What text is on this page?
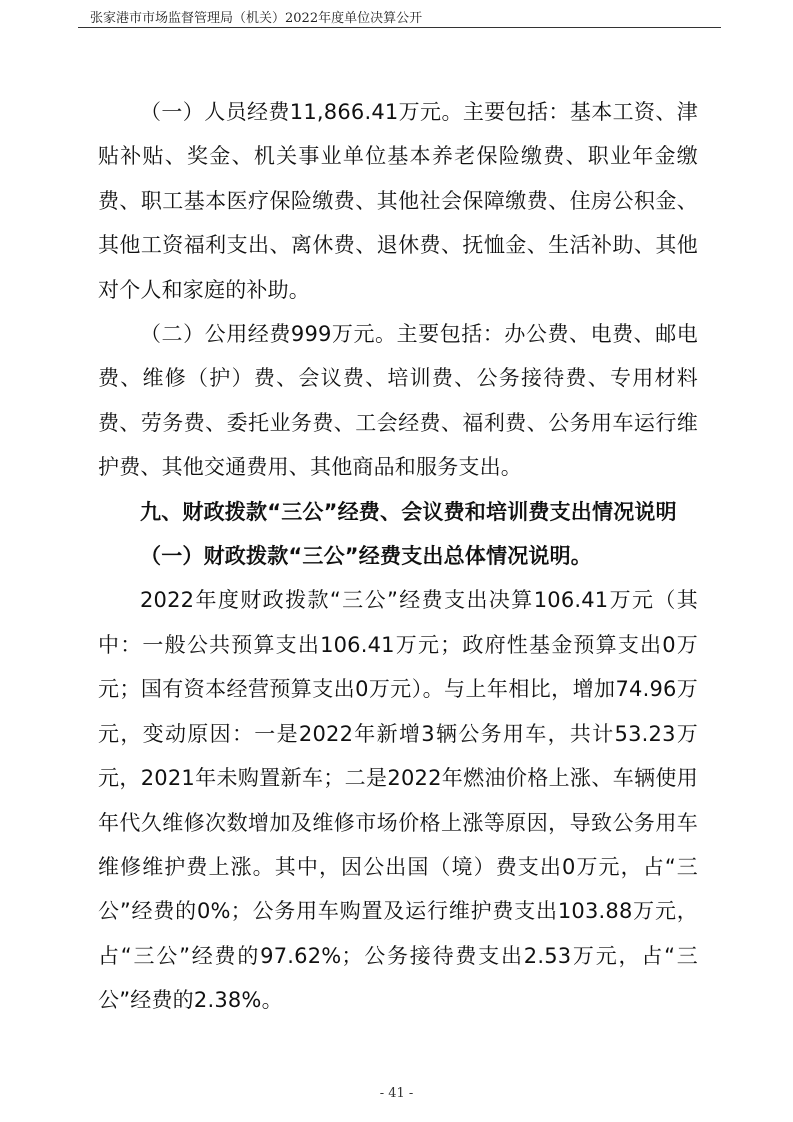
张家港市市场监督管理局（机关）2022年度单位决算公开

（一）人员经费11,866.41万元。主要包括：基本工资、津贴补贴、奖金、机关事业单位基本养老保险缴费、职业年金缴费、职工基本医疗保险缴费、其他社会保障缴费、住房公积金、其他工资福利支出、离休费、退休费、抚恤金、生活补助、其他对个人和家庭的补助。

（二）公用经费999万元。主要包括：办公费、电费、邮电费、维修（护）费、会议费、培训费、公务接待费、专用材料费、劳务费、委托业务费、工会经费、福利费、公务用车运行维护费、其他交通费用、其他商品和服务支出。

九、财政拨款“三公”经费、会议费和培训费支出情况说明

（一）财政拨款“三公”经费支出总体情况说明。

2022年度财政拨款“三公”经费支出决算106.41万元（其中：一般公共预算支出106.41万元；政府性基金预算支出0万元；国有资本经营预算支出0万元）。与上年相比，增加74.96万元，变动原因：一是2022年新增3辆公务用车，共计53.23万元，2021年未购置新车；二是2022年燃油价格上涨、车辆使用年代久维修次数增加及维修市场价格上涨等原因，导致公务用车维修维护费上涨。其中，因公出国（境）费支出0万元，占“三公”经费的0%；公务用车购置及运行维护费支出103.88万元，占“三公”经费的97.62%；公务接待费支出2.53万元，占“三公”经费的2.38%。

- 41 -
